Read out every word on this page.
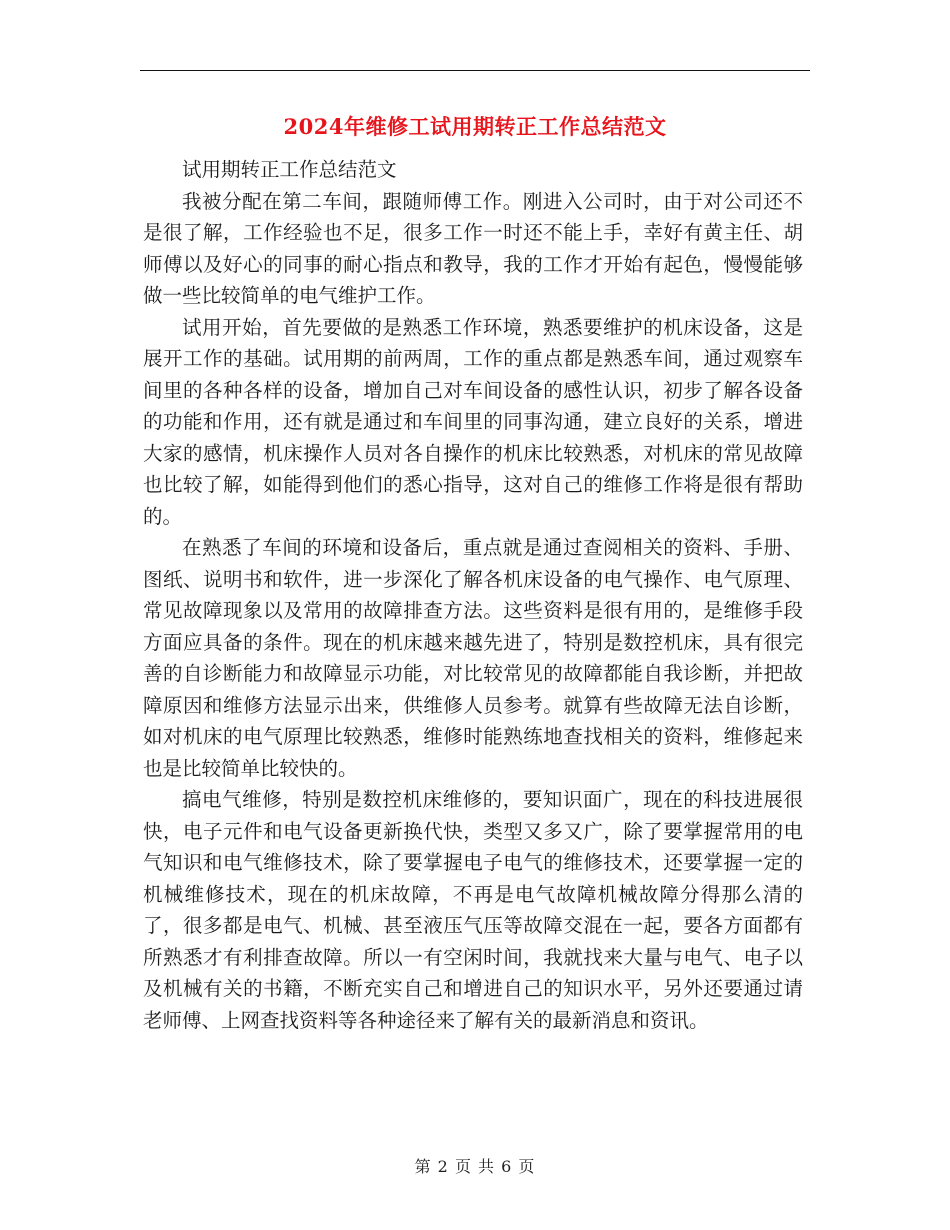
2024年维修工试用期转正工作总结范文

试用期转正工作总结范文

我被分配在第二车间，跟随师傅工作。刚进入公司时，由于对公司还不是很了解，工作经验也不足，很多工作一时还不能上手，幸好有黄主任、胡师傅以及好心的同事的耐心指点和教导，我的工作才开始有起色，慢慢能够做一些比较简单的电气维护工作。

试用开始，首先要做的是熟悉工作环境，熟悉要维护的机床设备，这是展开工作的基础。试用期的前两周，工作的重点都是熟悉车间，通过观察车间里的各种各样的设备，增加自己对车间设备的感性认识，初步了解各设备的功能和作用，还有就是通过和车间里的同事沟通，建立良好的关系，增进大家的感情，机床操作人员对各自操作的机床比较熟悉，对机床的常见故障也比较了解，如能得到他们的悉心指导，这对自己的维修工作将是很有帮助的。

在熟悉了车间的环境和设备后，重点就是通过查阅相关的资料、手册、图纸、说明书和软件，进一步深化了解各机床设备的电气操作、电气原理、常见故障现象以及常用的故障排查方法。这些资料是很有用的，是维修手段方面应具备的条件。现在的机床越来越先进了，特别是数控机床，具有很完善的自诊断能力和故障显示功能，对比较常见的故障都能自我诊断，并把故障原因和维修方法显示出来，供维修人员参考。就算有些故障无法自诊断，如对机床的电气原理比较熟悉，维修时能熟练地查找相关的资料，维修起来也是比较简单比较快的。

搞电气维修，特别是数控机床维修的，要知识面广，现在的科技进展很快，电子元件和电气设备更新换代快，类型又多又广，除了要掌握常用的电气知识和电气维修技术，除了要掌握电子电气的维修技术，还要掌握一定的机械维修技术，现在的机床故障，不再是电气故障机械故障分得那么清的了，很多都是电气、机械、甚至液压气压等故障交混在一起，要各方面都有所熟悉才有利排查故障。所以一有空闲时间，我就找来大量与电气、电子以及机械有关的书籍，不断充实自己和增进自己的知识水平，另外还要通过请老师傅、上网查找资料等各种途径来了解有关的最新消息和资讯。

第 2 页 共 6 页
